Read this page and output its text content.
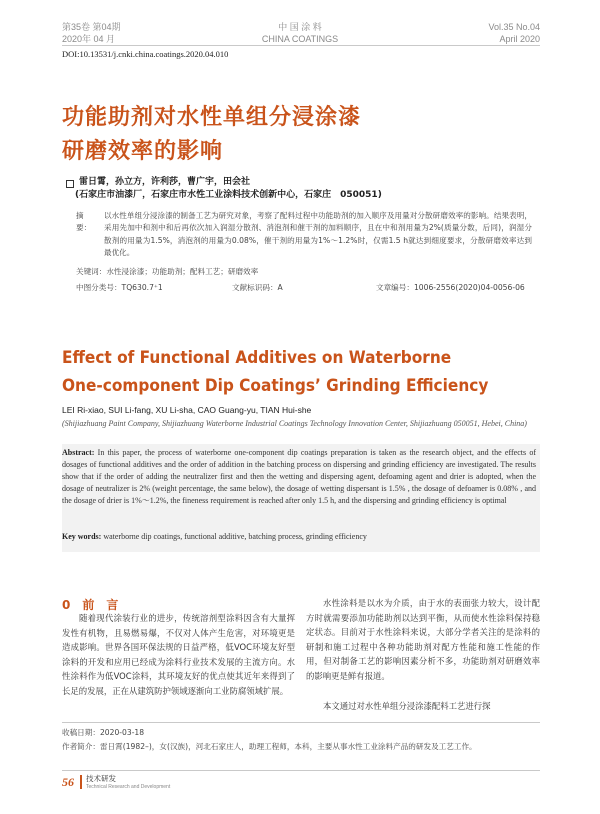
第35卷 第04期
2020年 04 月
中 国 涂 料
CHINA COATINGS
Vol.35 No.04
April 2020
DOI:10.13531/j.cnki.china.coatings.2020.04.010
功能助剂对水性单组分浸涂漆
研磨效率的影响
雷日霄，孙立方，许利莎，曹广宇，田会社
(石家庄市油漆厂，石家庄市水性工业涂料技术创新中心，石家庄　050051)
摘　要：
以水性单组分浸涂漆的制备工艺为研究对象，考察了配料过程中功能助剂的加入顺序及用量对分散研磨效率的影响。结果表明，采用先加中和剂中和后再依次加入润湿分散剂、消泡剂和催干剂的加料顺序，且在中和剂用量为2%(质量分数，后同)，润湿分散剂的用量为1.5%，消泡剂的用量为0.08%，催干剂的用量为1%～1.2%时，仅需1.5 h就达到细度要求，分散研磨效率达到最优化。
关键词：水性浸涂漆；功能助剂；配料工艺；研磨效率
中图分类号：TQ630.7⁺1	文献标识码：A	文章编号：1006-2556(2020)04-0056-06
Effect of Functional Additives on Waterborne
One-component Dip Coatings’ Grinding Efficiency
LEI Ri-xiao, SUI Li-fang, XU Li-sha, CAO Guang-yu, TIAN Hui-she
(Shijiazhuang Paint Company, Shijiazhuang Waterborne Industrial Coatings Technology Innovation Center, Shijiazhuang 050051, Hebei, China)
Abstract: In this paper, the process of waterborne one-component dip coatings preparation is taken as the research object, and the effects of dosages of functional additives and the order of addition in the batching process on dispersing and grinding efficiency are investigated. The results show that if the order of adding the neutralizer first and then the wetting and dispersing agent, defoaming agent and drier is adopted, when the dosage of neutralizer is 2% (weight percentage, the same below), the dosage of wetting dispersant is 1.5% , the dosage of defoamer is 0.08% , and the dosage of drier is 1%～1.2%, the fineness requirement is reached after only 1.5 h, and the dispersing and grinding efficiency is optimal
Key words: waterborne dip coatings, functional additive, batching process, grinding efficiency
0　前　言
随着现代涂装行业的进步，传统溶剂型涂料因含有大量挥发性有机物，且易燃易爆，不仅对人体产生危害，对环境更是造成影响。世界各国环保法规的日益严格，低VOC环境友好型涂料的开发和应用已经成为涂料行业技术发展的主流方向。水性涂料作为低VOC涂料，其环境友好的优点使其近年来得到了长足的发展，正在从建筑防护领域逐渐向工业防腐领域扩展。
水性涂料是以水为介质，由于水的表面张力较大，设计配方时就需要添加功能助剂以达到平衡，从而使水性涂料保持稳定状态。目前对于水性涂料来说，大部分学者关注的是涂料的研制和施工过程中各种功能助剂对配方性能和施工性能的作用，但对制备工艺的影响因素分析不多，功能助剂对研磨效率的影响更是鲜有报道。
本文通过对水性单组分浸涂漆配料工艺进行探
收稿日期：2020-03-18
作者简介：雷日霄(1982–)，女(汉族)，河北石家庄人，助理工程师，本科，主要从事水性工业涂料产品的研发及工艺工作。
56 技术研发
Technical Research and Development
